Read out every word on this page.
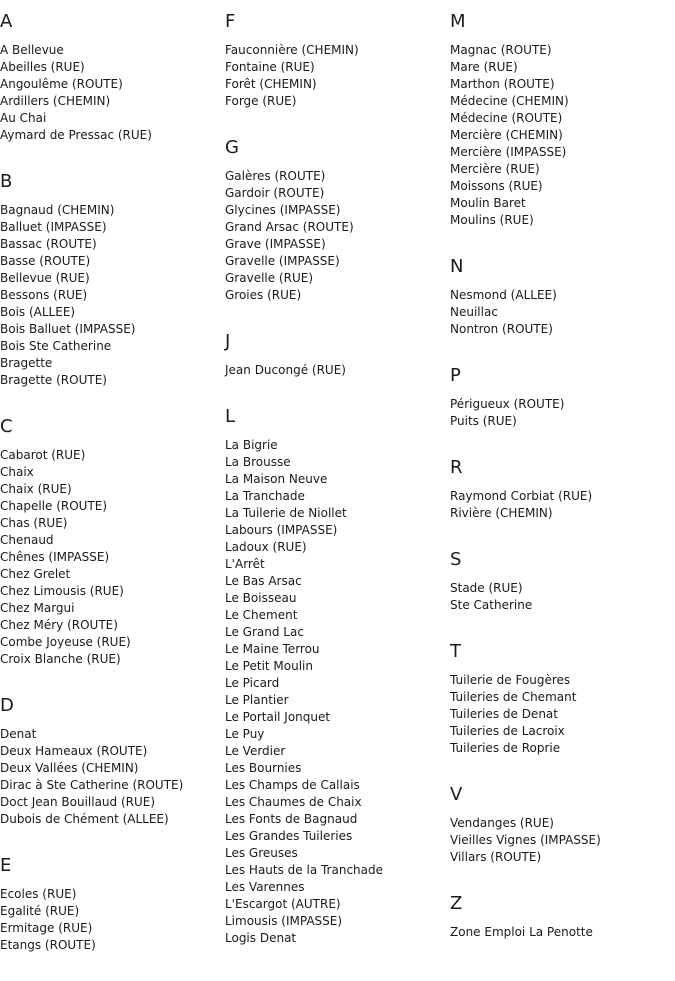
A
A Bellevue
Abeilles (RUE)
Angoulême (ROUTE)
Ardillers (CHEMIN)
Au Chai
Aymard de Pressac (RUE)
B
Bagnaud (CHEMIN)
Balluet (IMPASSE)
Bassac (ROUTE)
Basse (ROUTE)
Bellevue (RUE)
Bessons (RUE)
Bois (ALLEE)
Bois Balluet (IMPASSE)
Bois Ste Catherine
Bragette
Bragette (ROUTE)
C
Cabarot (RUE)
Chaix
Chaix (RUE)
Chapelle (ROUTE)
Chas (RUE)
Chenaud
Chênes (IMPASSE)
Chez Grelet
Chez Limousis (RUE)
Chez Margui
Chez Méry (ROUTE)
Combe Joyeuse (RUE)
Croix Blanche (RUE)
D
Denat
Deux Hameaux (ROUTE)
Deux Vallées (CHEMIN)
Dirac à Ste Catherine (ROUTE)
Doct Jean Bouillaud (RUE)
Dubois de Chément (ALLEE)
E
Ecoles (RUE)
Egalité (RUE)
Ermitage (RUE)
Etangs (ROUTE)
F
Fauconnière (CHEMIN)
Fontaine (RUE)
Forêt (CHEMIN)
Forge (RUE)
G
Galères (ROUTE)
Gardoir (ROUTE)
Glycines (IMPASSE)
Grand Arsac (ROUTE)
Grave (IMPASSE)
Gravelle (IMPASSE)
Gravelle (RUE)
Groies (RUE)
J
Jean Ducongé (RUE)
L
La Bigrie
La Brousse
La Maison Neuve
La Tranchade
La Tuilerie de Niollet
Labours (IMPASSE)
Ladoux (RUE)
L'Arrêt
Le Bas Arsac
Le Boisseau
Le Chement
Le Grand Lac
Le Maine Terrou
Le Petit Moulin
Le Picard
Le Plantier
Le Portail Jonquet
Le Puy
Le Verdier
Les Bournies
Les Champs de Callais
Les Chaumes de Chaix
Les Fonts de Bagnaud
Les Grandes Tuileries
Les Greuses
Les Hauts de la Tranchade
Les Varennes
L'Escargot (AUTRE)
Limousis (IMPASSE)
Logis Denat
M
Magnac (ROUTE)
Mare (RUE)
Marthon (ROUTE)
Médecine (CHEMIN)
Médecine (ROUTE)
Mercière (CHEMIN)
Mercière (IMPASSE)
Mercière (RUE)
Moissons (RUE)
Moulin Baret
Moulins (RUE)
N
Nesmond (ALLEE)
Neuillac
Nontron (ROUTE)
P
Périgueux (ROUTE)
Puits (RUE)
R
Raymond Corbiat (RUE)
Rivière (CHEMIN)
S
Stade (RUE)
Ste Catherine
T
Tuilerie de Fougères
Tuileries de Chemant
Tuileries de Denat
Tuileries de Lacroix
Tuileries de Roprie
V
Vendanges (RUE)
Vieilles Vignes (IMPASSE)
Villars (ROUTE)
Z
Zone Emploi La Penotte
